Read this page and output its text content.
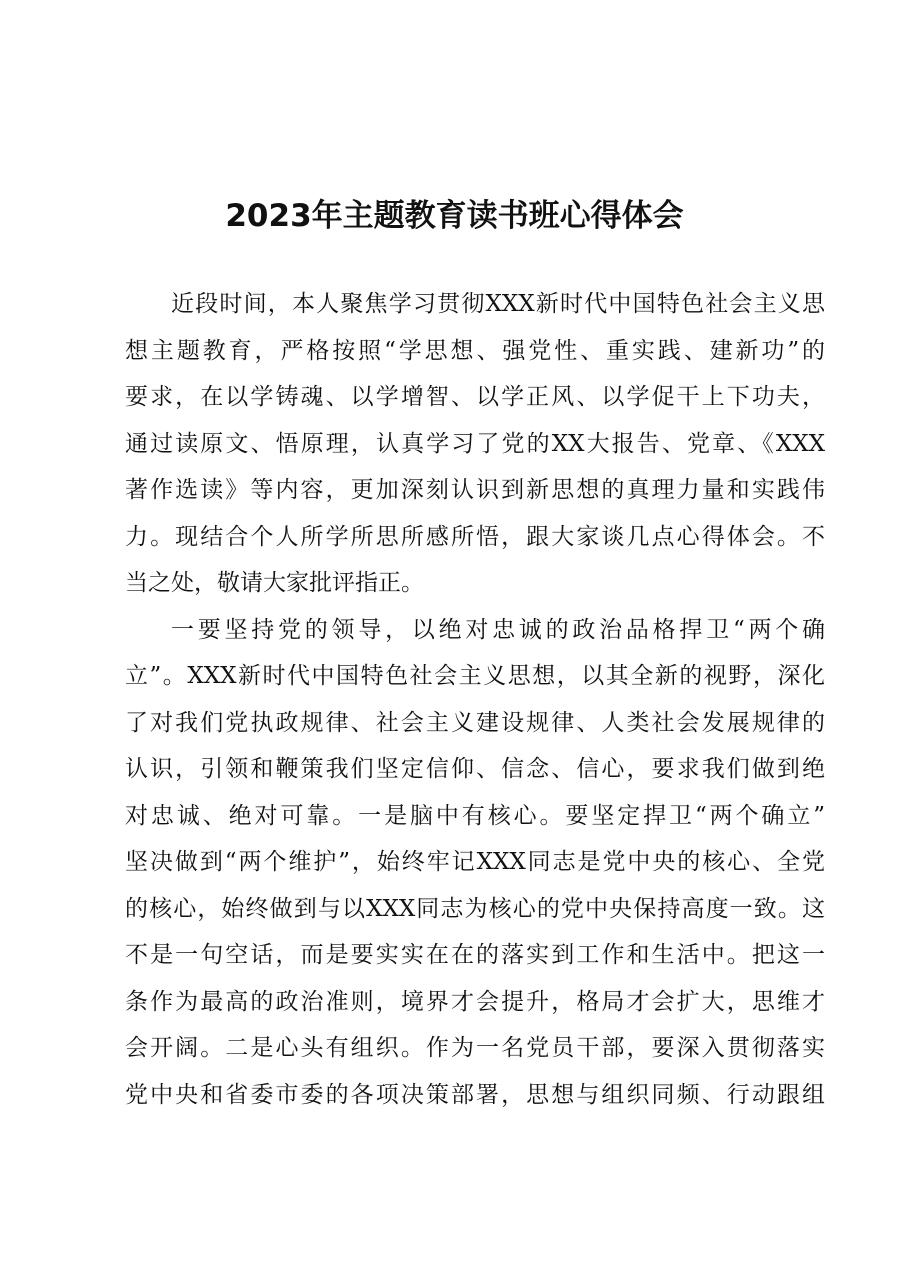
2023年主题教育读书班心得体会
近段时间，本人聚焦学习贯彻XXX新时代中国特色社会主义思
想主题教育，严格按照“学思想、强党性、重实践、建新功”的
要求，在以学铸魂、以学增智、以学正风、以学促干上下功夫，
通过读原文、悟原理，认真学习了党的XX大报告、党章、《XXX
著作选读》等内容，更加深刻认识到新思想的真理力量和实践伟
力。现结合个人所学所思所感所悟，跟大家谈几点心得体会。不
当之处，敬请大家批评指正。
一要坚持党的领导，以绝对忠诚的政治品格捍卫“两个确
立”。XXX新时代中国特色社会主义思想，以其全新的视野，深化
了对我们党执政规律、社会主义建设规律、人类社会发展规律的
认识，引领和鞭策我们坚定信仰、信念、信心，要求我们做到绝
对忠诚、绝对可靠。一是脑中有核心。要坚定捍卫“两个确立”
坚决做到“两个维护”，始终牢记XXX同志是党中央的核心、全党
的核心，始终做到与以XXX同志为核心的党中央保持高度一致。这
不是一句空话，而是要实实在在的落实到工作和生活中。把这一
条作为最高的政治准则，境界才会提升，格局才会扩大，思维才
会开阔。二是心头有组织。作为一名党员干部，要深入贯彻落实
党中央和省委市委的各项决策部署，思想与组织同频、行动跟组
